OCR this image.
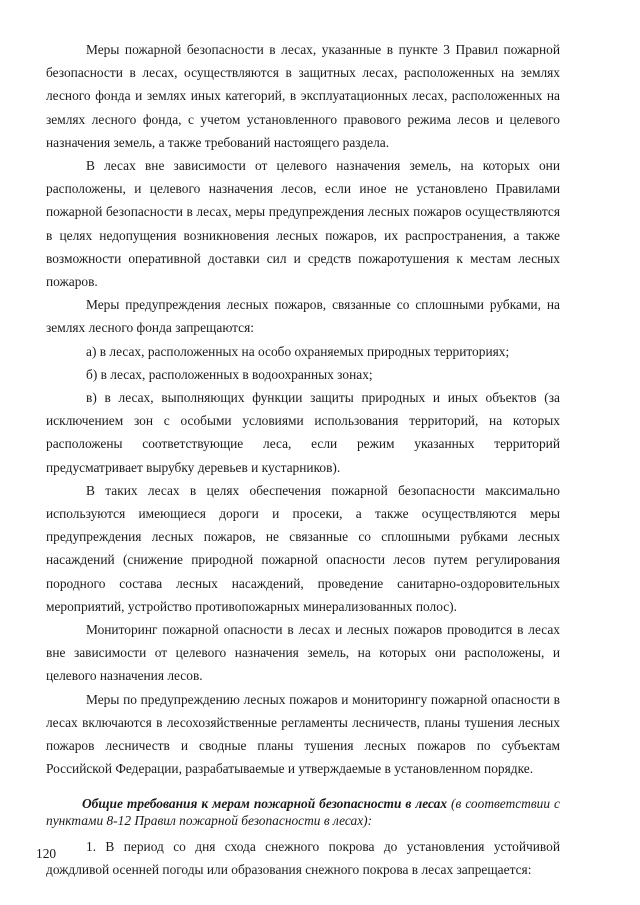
Меры пожарной безопасности в лесах, указанные в пункте 3 Правил пожарной безопасности в лесах, осуществляются в защитных лесах, расположенных на землях лесного фонда и землях иных категорий, в эксплуатационных лесах, расположенных на землях лесного фонда, с учетом установленного правового режима лесов и целевого назначения земель, а также требований настоящего раздела.

В лесах вне зависимости от целевого назначения земель, на которых они расположены, и целевого назначения лесов, если иное не установлено Правилами пожарной безопасности в лесах, меры предупреждения лесных пожаров осуществляются в целях недопущения возникновения лесных пожаров, их распространения, а также возможности оперативной доставки сил и средств пожаротушения к местам лесных пожаров.

Меры предупреждения лесных пожаров, связанные со сплошными рубками, на землях лесного фонда запрещаются:

а) в лесах, расположенных на особо охраняемых природных территориях;

б) в лесах, расположенных в водоохранных зонах;

в) в лесах, выполняющих функции защиты природных и иных объектов (за исключением зон с особыми условиями использования территорий, на которых расположены соответствующие леса, если режим указанных территорий предусматривает вырубку деревьев и кустарников).

В таких лесах в целях обеспечения пожарной безопасности максимально используются имеющиеся дороги и просеки, а также осуществляются меры предупреждения лесных пожаров, не связанные со сплошными рубками лесных насаждений (снижение природной пожарной опасности лесов путем регулирования породного состава лесных насаждений, проведение санитарно-оздоровительных мероприятий, устройство противопожарных минерализованных полос).

Мониторинг пожарной опасности в лесах и лесных пожаров проводится в лесах вне зависимости от целевого назначения земель, на которых они расположены, и целевого назначения лесов.

Меры по предупреждению лесных пожаров и мониторингу пожарной опасности в лесах включаются в лесохозяйственные регламенты лесничеств, планы тушения лесных пожаров лесничеств и сводные планы тушения лесных пожаров по субъектам Российской Федерации, разрабатываемые и утверждаемые в установленном порядке.

Общие требования к мерам пожарной безопасности в лесах (в соответствии с пунктами 8-12 Правил пожарной безопасности в лесах):

1. В период со дня схода снежного покрова до установления устойчивой дождливой осенней погоды или образования снежного покрова в лесах запрещается:

120
